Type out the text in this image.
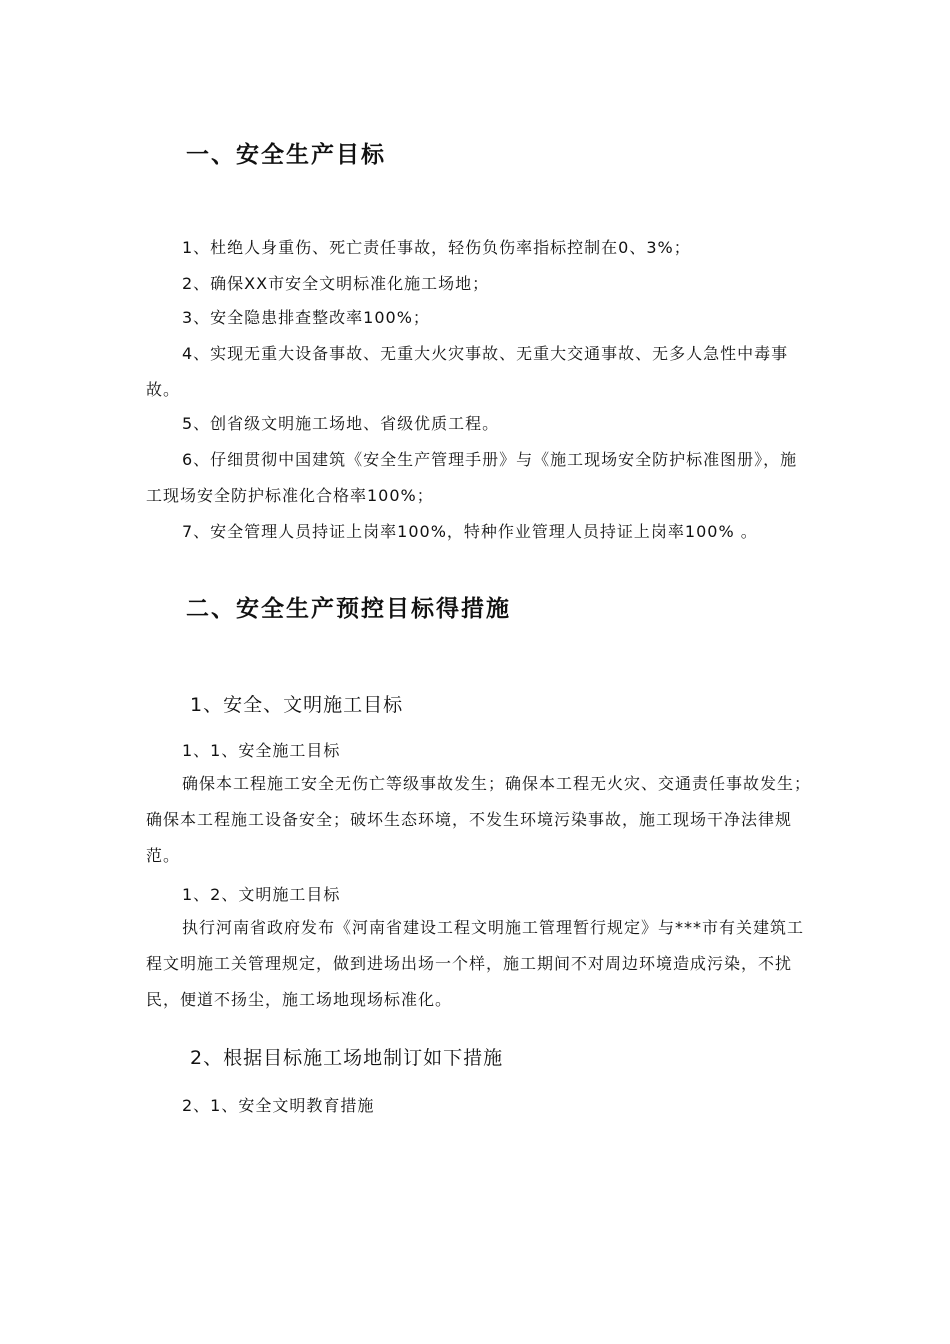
一、安全生产目标
1、杜绝人身重伤、死亡责任事故，轻伤负伤率指标控制在0、3%；
2、确保XX市安全文明标准化施工场地；
3、安全隐患排查整改率100%；
4、实现无重大设备事故、无重大火灾事故、无重大交通事故、无多人急性中毒事故。
5、创省级文明施工场地、省级优质工程。
6、仔细贯彻中国建筑《安全生产管理手册》与《施工现场安全防护标准图册》，施工现场安全防护标准化合格率100%；
7、安全管理人员持证上岗率100%，特种作业管理人员持证上岗率100% 。
二、安全生产预控目标得措施
1、安全、文明施工目标
1、1、安全施工目标
确保本工程施工安全无伤亡等级事故发生；确保本工程无火灾、交通责任事故发生；确保本工程施工设备安全；破坏生态环境，不发生环境污染事故，施工现场干净法律规范。
1、2、文明施工目标
执行河南省政府发布《河南省建设工程文明施工管理暂行规定》与***市有关建筑工程文明施工关管理规定，做到进场出场一个样，施工期间不对周边环境造成污染，不扰民，便道不扬尘，施工场地现场标准化。
2、根据目标施工场地制订如下措施
2、1、安全文明教育措施
